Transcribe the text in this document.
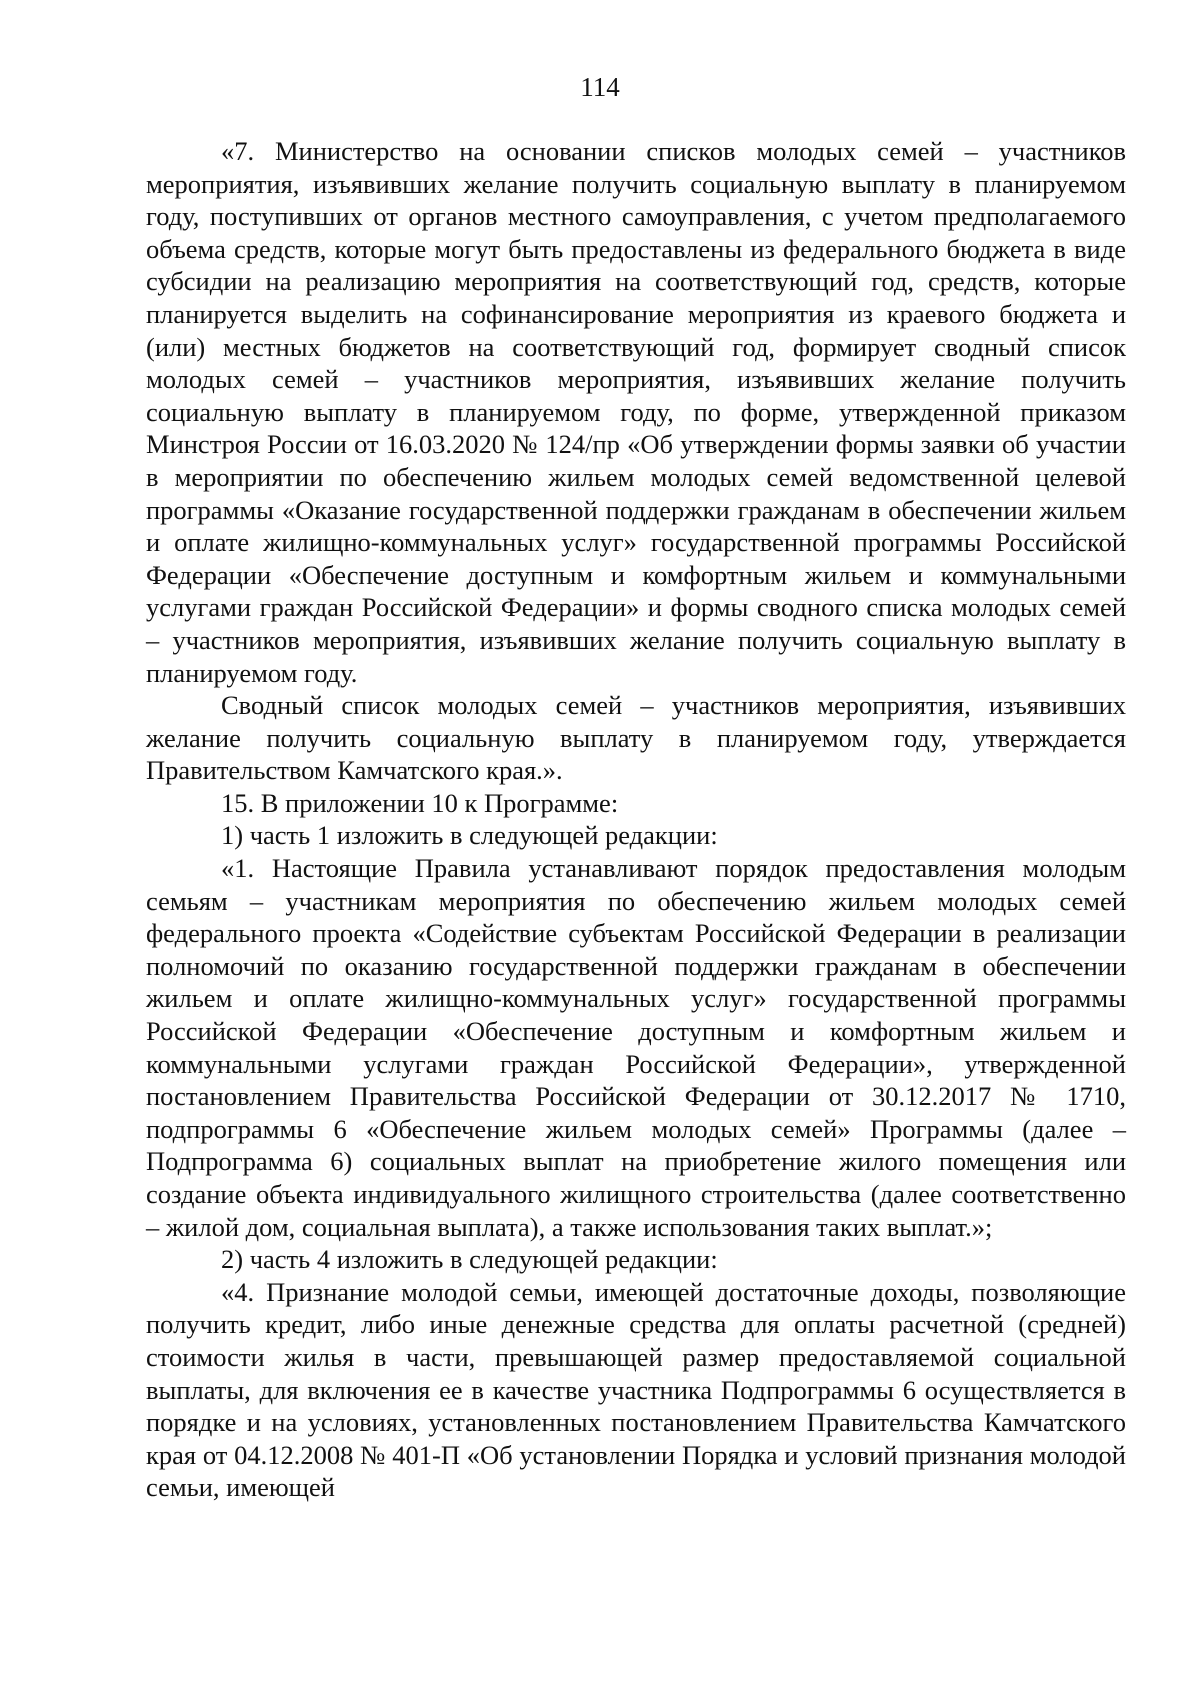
114

«7. Министерство на основании списков молодых семей – участников мероприятия, изъявивших желание получить социальную выплату в планируемом году, поступивших от органов местного самоуправления, с учетом предполагаемого объема средств, которые могут быть предоставлены из федерального бюджета в виде субсидии на реализацию мероприятия на соответствующий год, средств, которые планируется выделить на софинансирование мероприятия из краевого бюджета и (или) местных бюджетов на соответствующий год, формирует сводный список молодых семей – участников мероприятия, изъявивших желание получить социальную выплату в планируемом году, по форме, утвержденной приказом Минстроя России от 16.03.2020 № 124/пр «Об утверждении формы заявки об участии в мероприятии по обеспечению жильем молодых семей ведомственной целевой программы «Оказание государственной поддержки гражданам в обеспечении жильем и оплате жилищно-коммунальных услуг» государственной программы Российской Федерации «Обеспечение доступным и комфортным жильем и коммунальными услугами граждан Российской Федерации» и формы сводного списка молодых семей – участников мероприятия, изъявивших желание получить социальную выплату в планируемом году.

Сводный список молодых семей – участников мероприятия, изъявивших желание получить социальную выплату в планируемом году, утверждается Правительством Камчатского края.».

15. В приложении 10 к Программе:

1) часть 1 изложить в следующей редакции:

«1. Настоящие Правила устанавливают порядок предоставления молодым семьям – участникам мероприятия по обеспечению жильем молодых семей федерального проекта «Содействие субъектам Российской Федерации в реализации полномочий по оказанию государственной поддержки гражданам в обеспечении жильем и оплате жилищно-коммунальных услуг» государственной программы Российской Федерации «Обеспечение доступным и комфортным жильем и коммунальными услугами граждан Российской Федерации», утвержденной постановлением Правительства Российской Федерации от 30.12.2017 № 1710, подпрограммы 6 «Обеспечение жильем молодых семей» Программы (далее – Подпрограмма 6) социальных выплат на приобретение жилого помещения или создание объекта индивидуального жилищного строительства (далее соответственно – жилой дом, социальная выплата), а также использования таких выплат.»;

2) часть 4 изложить в следующей редакции:

«4. Признание молодой семьи, имеющей достаточные доходы, позволяющие получить кредит, либо иные денежные средства для оплаты расчетной (средней) стоимости жилья в части, превышающей размер предоставляемой социальной выплаты, для включения ее в качестве участника Подпрограммы 6 осуществляется в порядке и на условиях, установленных постановлением Правительства Камчатского края от 04.12.2008 № 401-П «Об установлении Порядка и условий признания молодой семьи, имеющей
